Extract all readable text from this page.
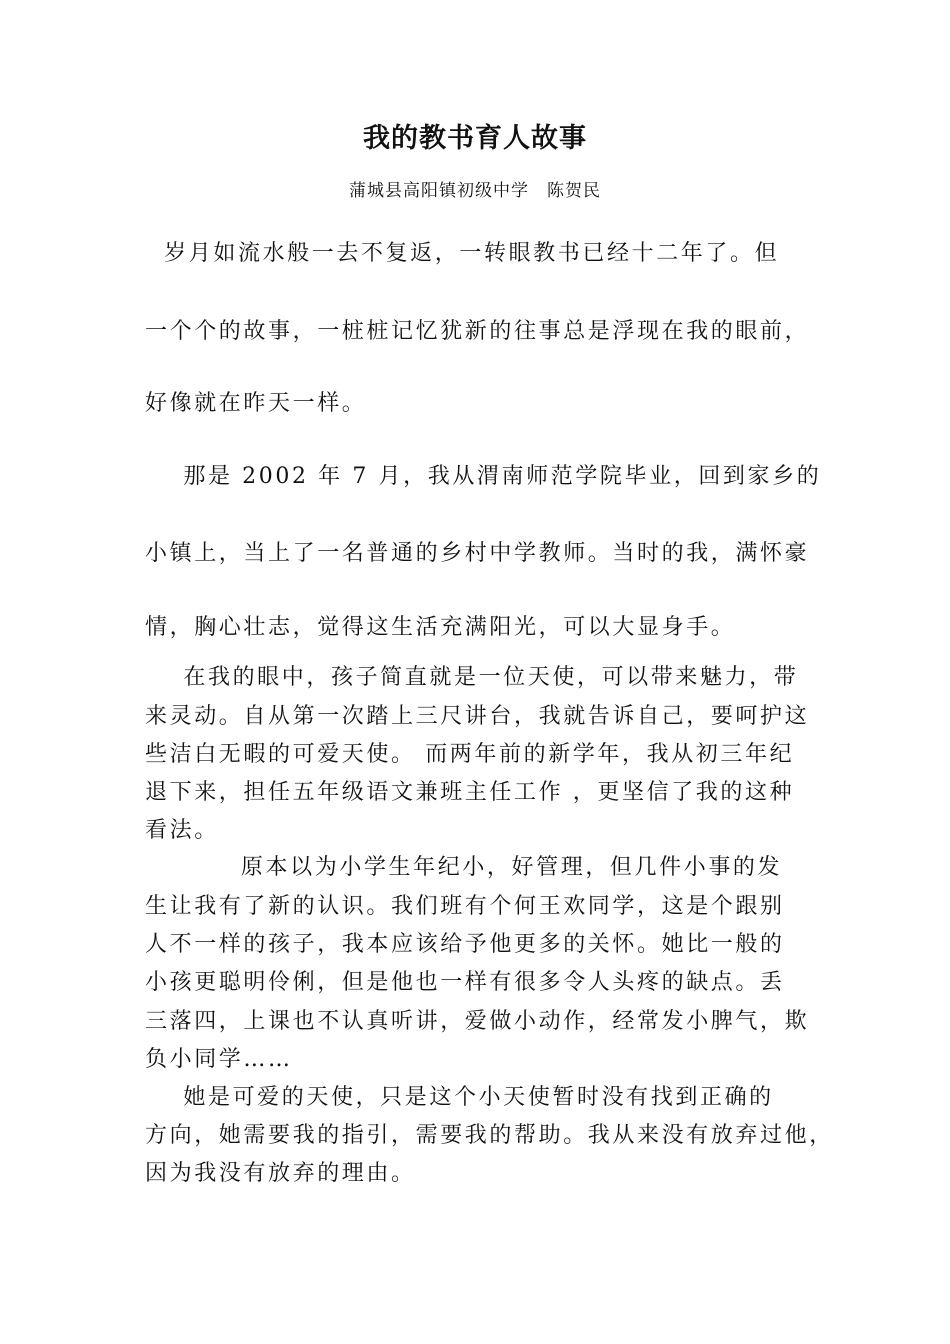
我的教书育人故事

蒲城县高阳镇初级中学　陈贺民

岁月如流水般一去不复返，一转眼教书已经十二年了。但

一个个的故事，一桩桩记忆犹新的往事总是浮现在我的眼前，

好像就在昨天一样。

那是 2002 年 7 月，我从渭南师范学院毕业，回到家乡的

小镇上，当上了一名普通的乡村中学教师。当时的我，满怀豪

情，胸心壮志，觉得这生活充满阳光，可以大显身手。

在我的眼中，孩子简直就是一位天使，可以带来魅力，带

来灵动。自从第一次踏上三尺讲台，我就告诉自己，要呵护这

些洁白无暇的可爱天使。 而两年前的新学年，我从初三年纪

退下来，担任五年级语文兼班主任工作 ，更坚信了我的这种

看法。

原本以为小学生年纪小，好管理，但几件小事的发

生让我有了新的认识。我们班有个何王欢同学，这是个跟别

人不一样的孩子，我本应该给予他更多的关怀。她比一般的

小孩更聪明伶俐，但是他也一样有很多令人头疼的缺点。丢

三落四，上课也不认真听讲，爱做小动作，经常发小脾气，欺

负小同学……

她是可爱的天使，只是这个小天使暂时没有找到正确的

方向，她需要我的指引，需要我的帮助。我从来没有放弃过他，

因为我没有放弃的理由。
